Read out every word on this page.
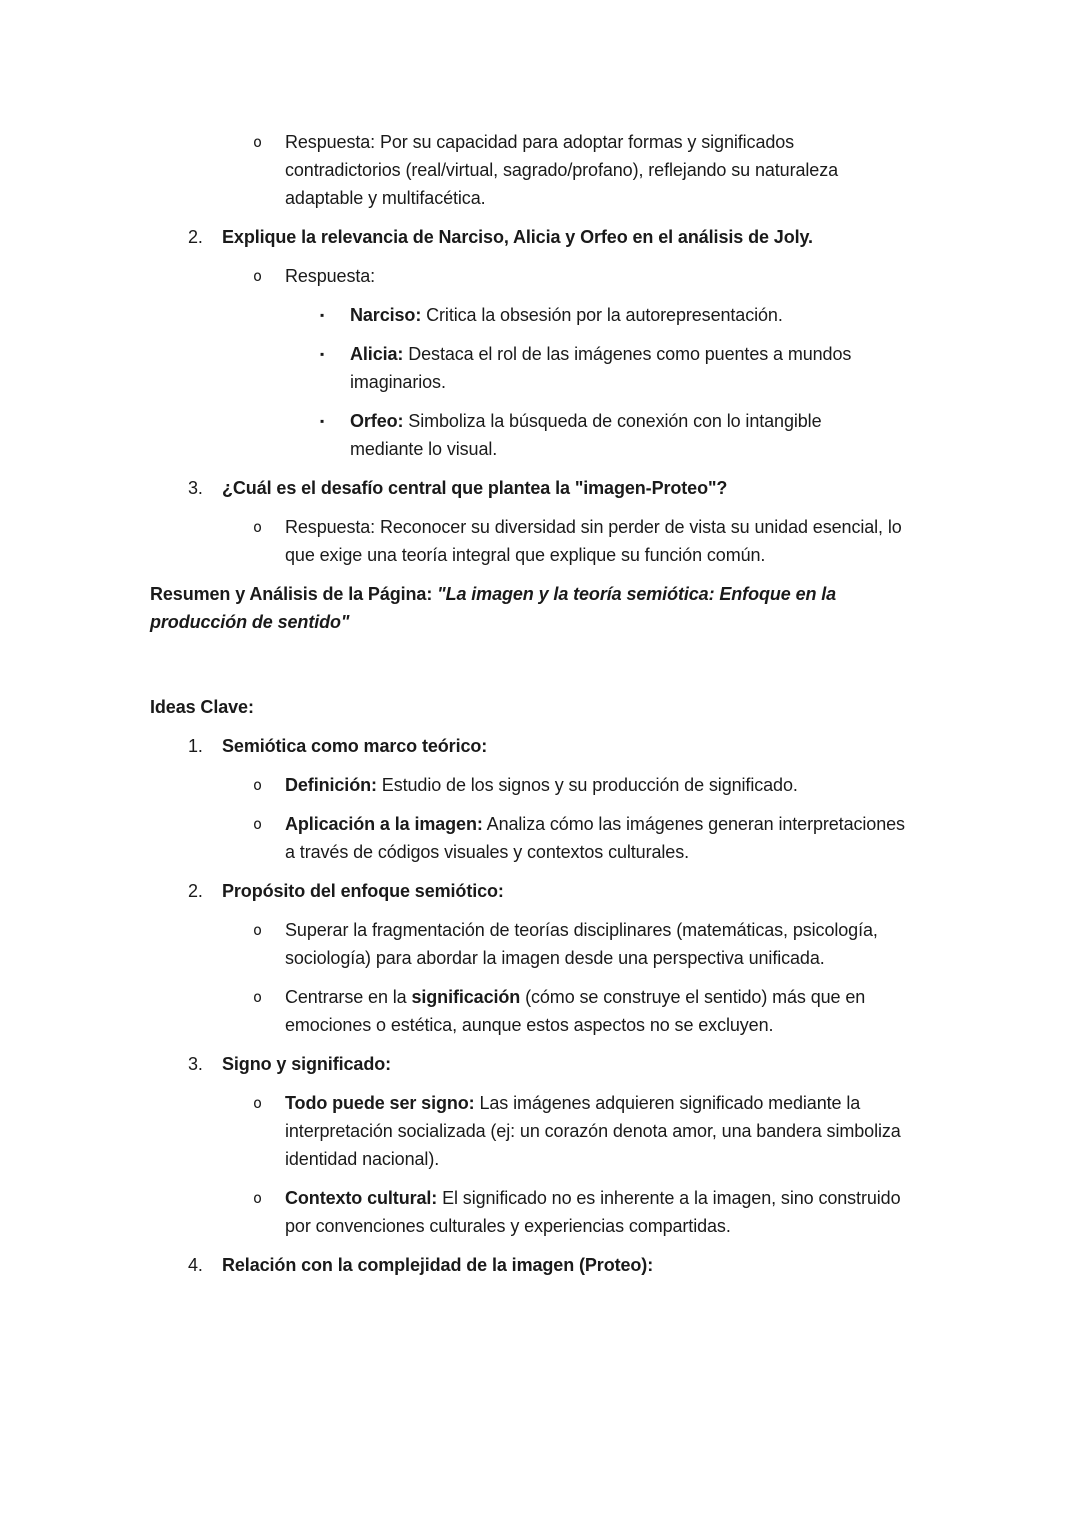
o	Respuesta: Por su capacidad para adoptar formas y significados contradictorios (real/virtual, sagrado/profano), reflejando su naturaleza adaptable y multifacética.
2.	Explique la relevancia de Narciso, Alicia y Orfeo en el análisis de Joly.
o	Respuesta:
▪	Narciso: Critica la obsesión por la autorepresentación.
▪	Alicia: Destaca el rol de las imágenes como puentes a mundos imaginarios.
▪	Orfeo: Simboliza la búsqueda de conexión con lo intangible mediante lo visual.
3.	¿Cuál es el desafío central que plantea la "imagen-Proteo"?
o	Respuesta: Reconocer su diversidad sin perder de vista su unidad esencial, lo que exige una teoría integral que explique su función común.
Resumen y Análisis de la Página: "La imagen y la teoría semiótica: Enfoque en la producción de sentido"
Ideas Clave:
1.	Semiótica como marco teórico:
o	Definición: Estudio de los signos y su producción de significado.
o	Aplicación a la imagen: Analiza cómo las imágenes generan interpretaciones a través de códigos visuales y contextos culturales.
2.	Propósito del enfoque semiótico:
o	Superar la fragmentación de teorías disciplinares (matemáticas, psicología, sociología) para abordar la imagen desde una perspectiva unificada.
o	Centrarse en la significación (cómo se construye el sentido) más que en emociones o estética, aunque estos aspectos no se excluyen.
3.	Signo y significado:
o	Todo puede ser signo: Las imágenes adquieren significado mediante la interpretación socializada (ej: un corazón denota amor, una bandera simboliza identidad nacional).
o	Contexto cultural: El significado no es inherente a la imagen, sino construido por convenciones culturales y experiencias compartidas.
4.	Relación con la complejidad de la imagen (Proteo):
